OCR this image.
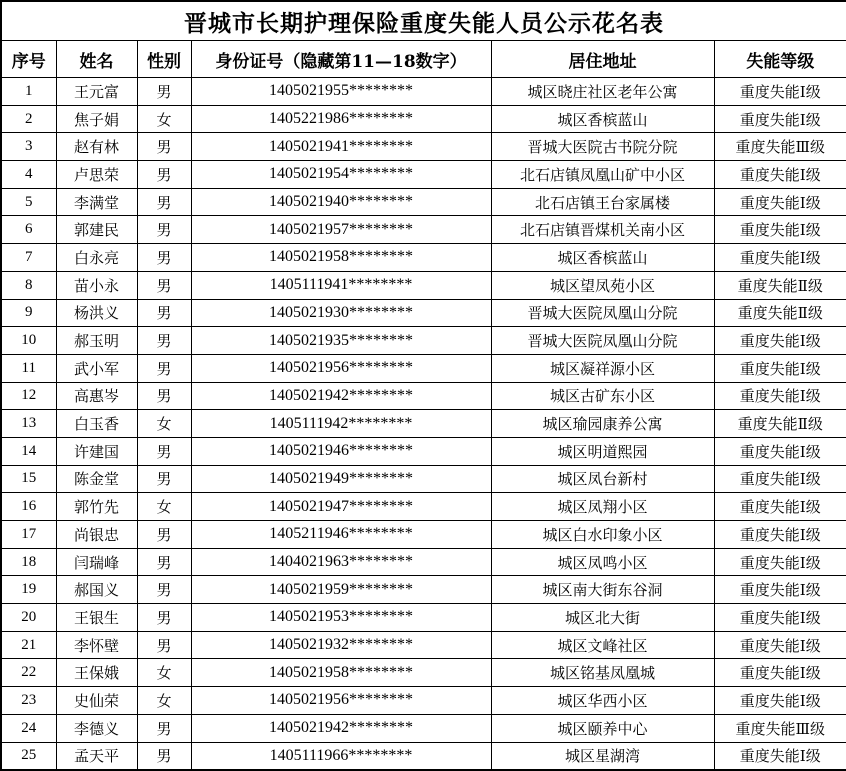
晋城市长期护理保险重度失能人员公示花名表					
序号	姓名	性别	身份证号（隐藏第11—18数字）	居住地址	失能等级
1	王元富	男	1405021955********	城区晓庄社区老年公寓	重度失能Ⅰ级
2	焦子娟	女	1405221986********	城区香槟蓝山	重度失能Ⅰ级
3	赵有林	男	1405021941********	晋城大医院古书院分院	重度失能Ⅲ级
4	卢思荣	男	1405021954********	北石店镇凤凰山矿中小区	重度失能Ⅰ级
5	李满堂	男	1405021940********	北石店镇王台家属楼	重度失能Ⅰ级
6	郭建民	男	1405021957********	北石店镇晋煤机关南小区	重度失能Ⅰ级
7	白永亮	男	1405021958********	城区香槟蓝山	重度失能Ⅰ级
8	苗小永	男	1405111941********	城区望凤苑小区	重度失能Ⅱ级
9	杨洪义	男	1405021930********	晋城大医院凤凰山分院	重度失能Ⅱ级
10	郝玉明	男	1405021935********	晋城大医院凤凰山分院	重度失能Ⅰ级
11	武小军	男	1405021956********	城区凝祥源小区	重度失能Ⅰ级
12	高惠岑	男	1405021942********	城区古矿东小区	重度失能Ⅰ级
13	白玉香	女	1405111942********	城区瑜园康养公寓	重度失能Ⅱ级
14	许建国	男	1405021946********	城区明道熙园	重度失能Ⅰ级
15	陈金堂	男	1405021949********	城区凤台新村	重度失能Ⅰ级
16	郭竹先	女	1405021947********	城区凤翔小区	重度失能Ⅰ级
17	尚银忠	男	1405211946********	城区白水印象小区	重度失能Ⅰ级
18	闫瑞峰	男	1404021963********	城区凤鸣小区	重度失能Ⅰ级
19	郝国义	男	1405021959********	城区南大街东谷洞	重度失能Ⅰ级
20	王银生	男	1405021953********	城区北大街	重度失能Ⅰ级
21	李怀壁	男	1405021932********	城区文峰社区	重度失能Ⅰ级
22	王保娥	女	1405021958********	城区铭基凤凰城	重度失能Ⅰ级
23	史仙荣	女	1405021956********	城区华西小区	重度失能Ⅰ级
24	李德义	男	1405021942********	城区颐养中心	重度失能Ⅲ级
25	孟天平	男	1405111966********	城区星湖湾	重度失能Ⅰ级
